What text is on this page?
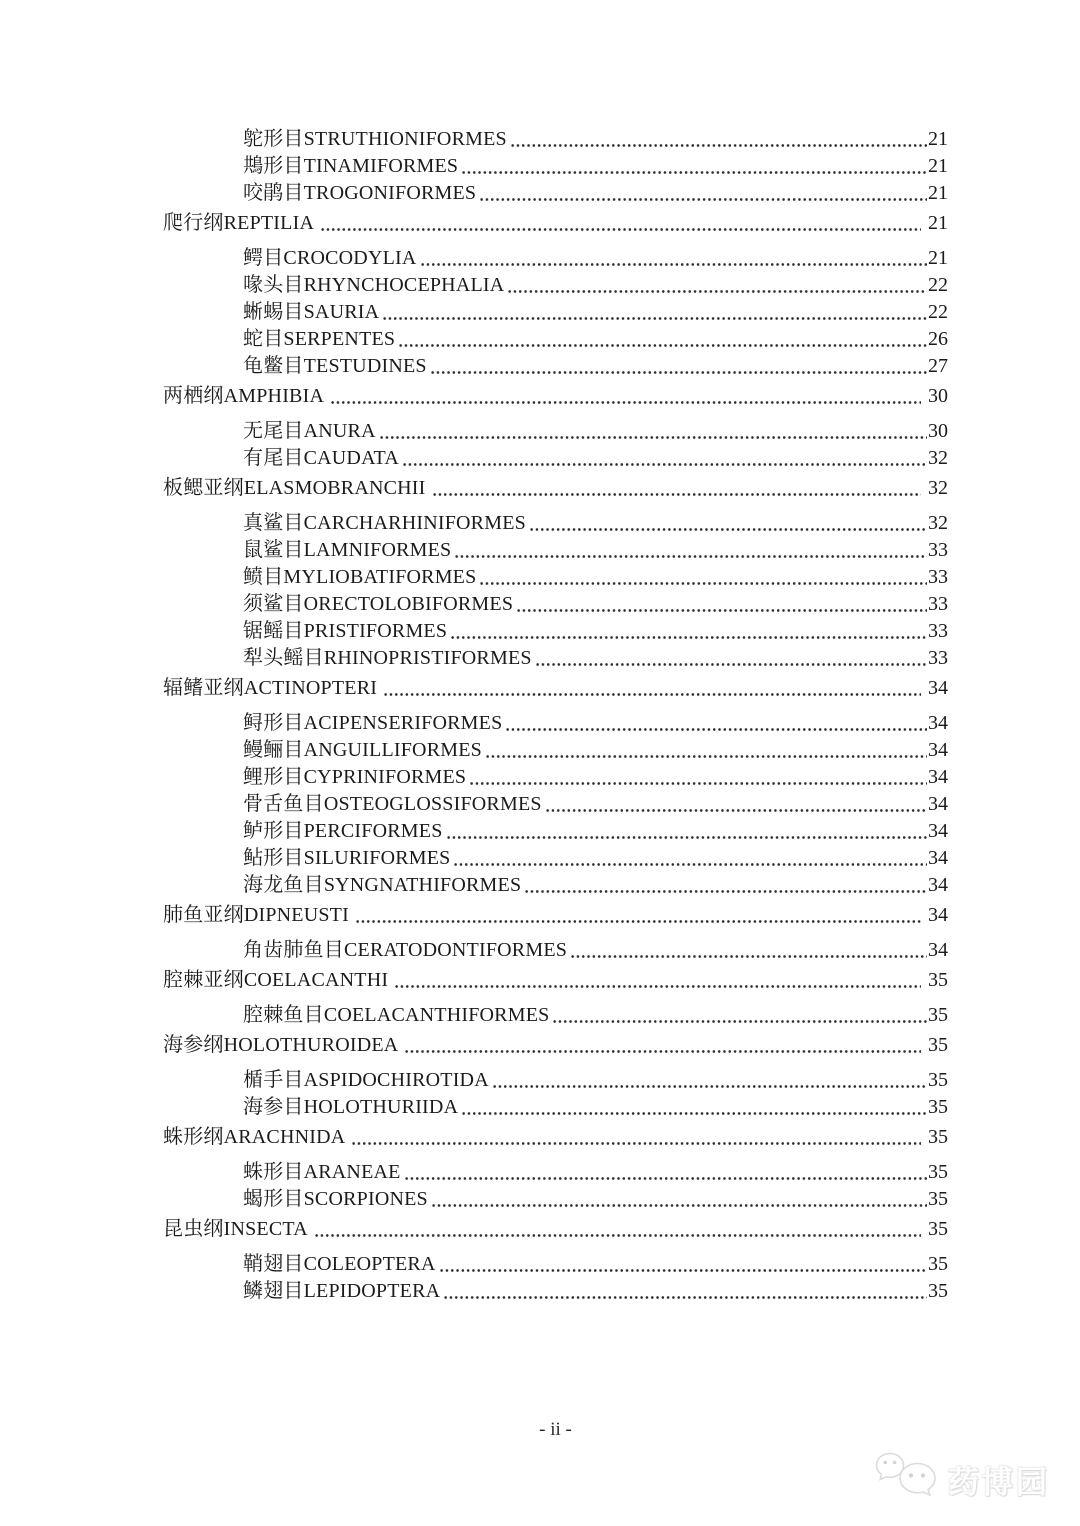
鸵形目STRUTHIONIFORMES	21
䳍形目TINAMIFORMES	21
咬鹃目TROGONIFORMES	21
爬行纲REPTILIA	21
鳄目CROCODYLIA	21
喙头目RHYNCHOCEPHALIA	22
蜥蜴目SAURIA	22
蛇目SERPENTES	26
龟鳖目TESTUDINES	27
两栖纲AMPHIBIA	30
无尾目ANURA	30
有尾目CAUDATA	32
板鳃亚纲ELASMOBRANCHII	32
真鲨目CARCHARHINIFORMES	32
鼠鲨目LAMNIFORMES	33
鲼目MYLIOBATIFORMES	33
须鲨目ORECTOLOBIFORMES	33
锯鳐目PRISTIFORMES	33
犁头鳐目RHINOPRISTIFORMES	33
辐鳍亚纲ACTINOPTERI	34
鲟形目ACIPENSERIFORMES	34
鳗鲡目ANGUILLIFORMES	34
鲤形目CYPRINIFORMES	34
骨舌鱼目OSTEOGLOSSIFORMES	34
鲈形目PERCIFORMES	34
鲇形目SILURIFORMES	34
海龙鱼目SYNGNATHIFORMES	34
肺鱼亚纲DIPNEUSTI	34
角齿肺鱼目CERATODONTIFORMES	34
腔棘亚纲COELACANTHI	35
腔棘鱼目COELACANTHIFORMES	35
海参纲HOLOTHUROIDEA	35
楯手目ASPIDOCHIROTIDA	35
海参目HOLOTHURIIDA	35
蛛形纲ARACHNIDA	35
蛛形目ARANEAE	35
蝎形目SCORPIONES	35
昆虫纲INSECTA	35
鞘翅目COLEOPTERA	35
鳞翅目LEPIDOPTERA	35
- ii -
药博园
